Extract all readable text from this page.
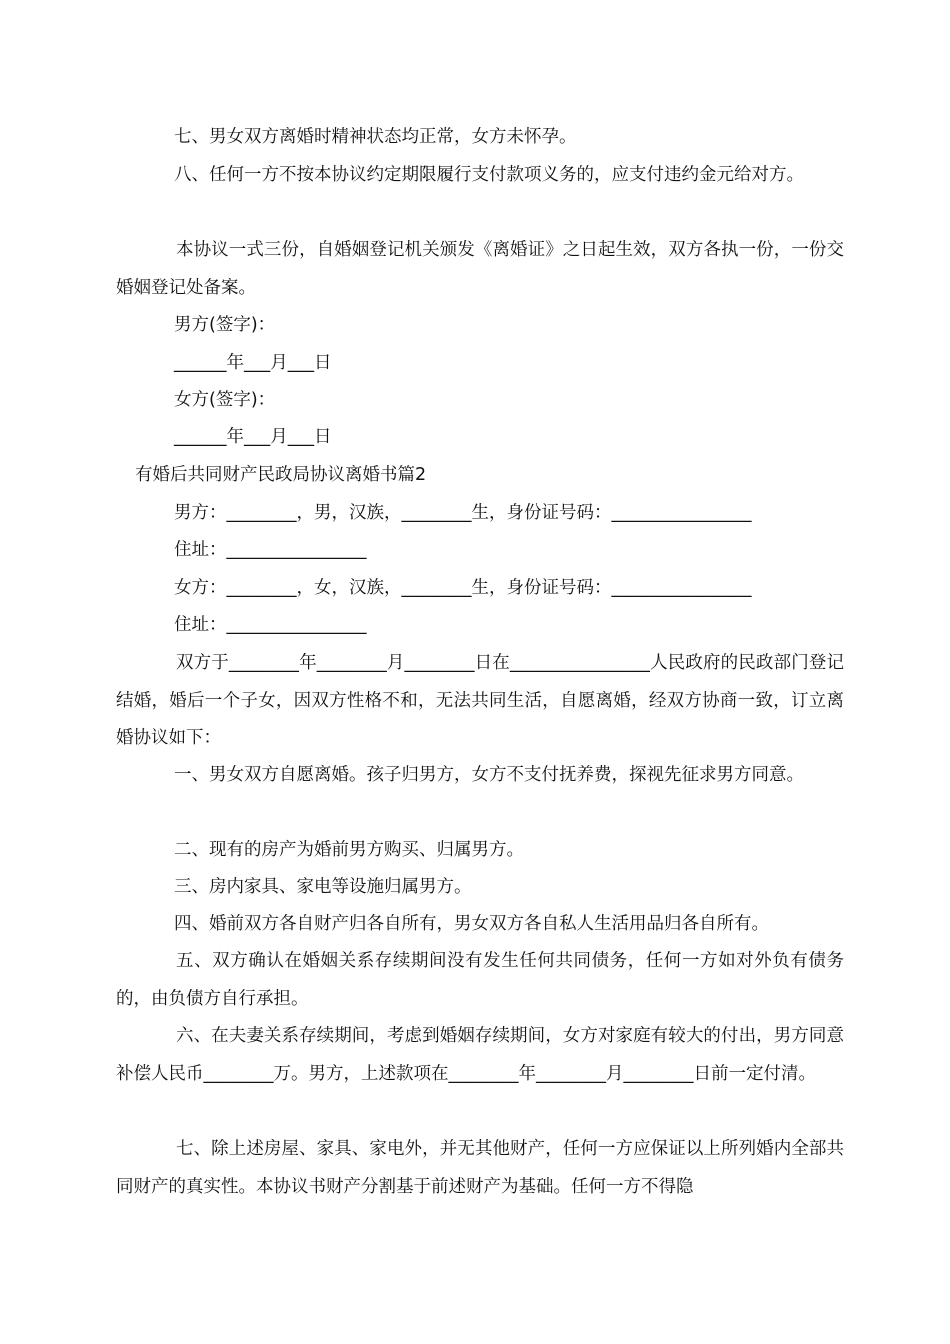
七、男女双方离婚时精神状态均正常，女方未怀孕。

八、任何一方不按本协议约定期限履行支付款项义务的，应支付违约金元给对方。

本协议一式三份，自婚姻登记机关颁发《离婚证》之日起生效，双方各执一份，一份交婚姻登记处备案。

男方(签字)：

______年___月___日

女方(签字)：

______年___月___日

有婚后共同财产民政局协议离婚书篇2

男方：________，男，汉族，________生，身份证号码：________________

住址：________________

女方：________，女，汉族，________生，身份证号码：________________

住址：________________

双方于________年________月________日在________________人民政府的民政部门登记结婚，婚后一个子女，因双方性格不和，无法共同生活，自愿离婚，经双方协商一致，订立离婚协议如下：

一、男女双方自愿离婚。孩子归男方，女方不支付抚养费，探视先征求男方同意。

二、现有的房产为婚前男方购买、归属男方。

三、房内家具、家电等设施归属男方。

四、婚前双方各自财产归各自所有，男女双方各自私人生活用品归各自所有。

五、双方确认在婚姻关系存续期间没有发生任何共同债务，任何一方如对外负有债务的，由负债方自行承担。

六、在夫妻关系存续期间，考虑到婚姻存续期间，女方对家庭有较大的付出，男方同意补偿人民币________万。男方，上述款项在________年________月________日前一定付清。

七、除上述房屋、家具、家电外，并无其他财产，任何一方应保证以上所列婚内全部共同财产的真实性。本协议书财产分割基于前述财产为基础。任何一方不得隐
